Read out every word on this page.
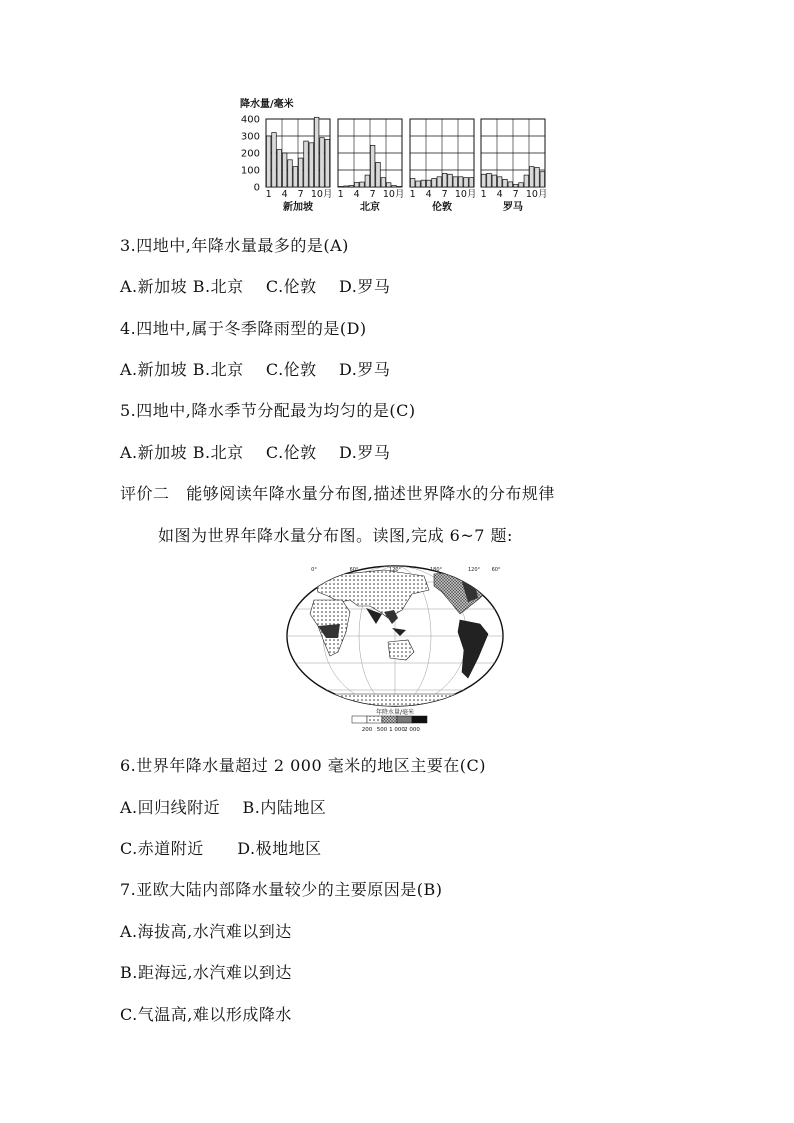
降水量/毫米
400
300
200
100
0
1 4 7 10月
新加坡
1 4 7 10月
北京
1 4 7 10月
伦敦
1 4 7 10月
罗马
3.四地中,年降水量最多的是(A)
A.新加坡 B.北京    C.伦敦    D.罗马
4.四地中,属于冬季降雨型的是(D)
A.新加坡 B.北京    C.伦敦    D.罗马
5.四地中,降水季节分配最为均匀的是(C)
A.新加坡 B.北京    C.伦敦    D.罗马
评价二   能够阅读年降水量分布图,描述世界降水的分布规律
如图为世界年降水量分布图。读图,完成 6~7 题:
0°	60°	120°	180°	120° 60°
年降水量/毫米
200 500 1 000 2 000
6.世界年降水量超过 2 000 毫米的地区主要在(C)
A.回归线附近    B.内陆地区
C.赤道附近      D.极地地区
7.亚欧大陆内部降水量较少的主要原因是(B)
A.海拔高,水汽难以到达
B.距海远,水汽难以到达
C.气温高,难以形成降水
